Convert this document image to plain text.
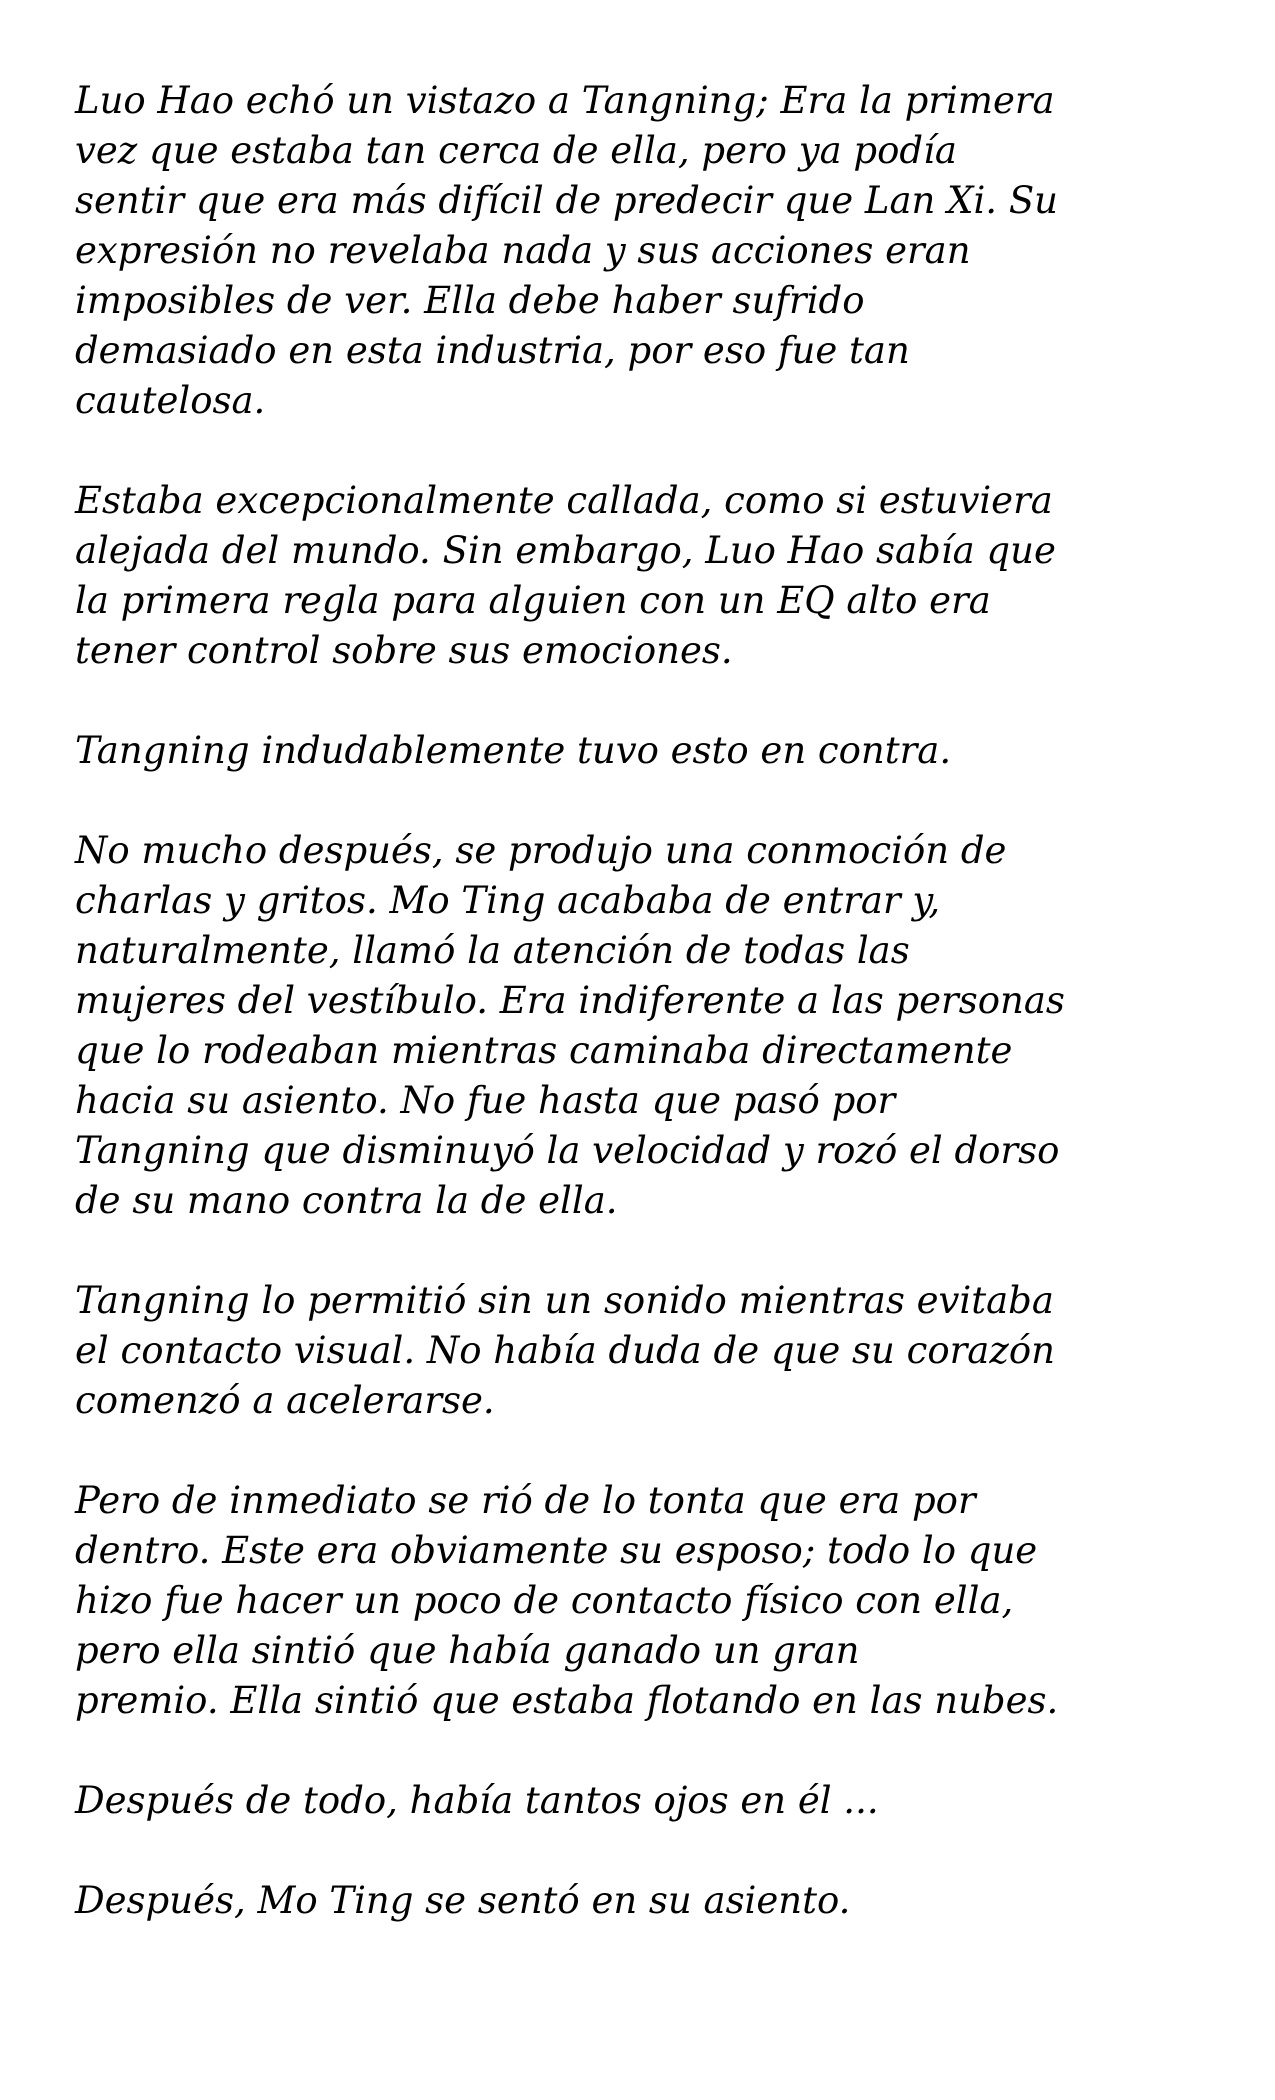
Luo Hao echó un vistazo a Tangning; Era la primera
vez que estaba tan cerca de ella, pero ya podía
sentir que era más difícil de predecir que Lan Xi. Su
expresión no revelaba nada y sus acciones eran
imposibles de ver. Ella debe haber sufrido
demasiado en esta industria, por eso fue tan
cautelosa.

Estaba excepcionalmente callada, como si estuviera
alejada del mundo. Sin embargo, Luo Hao sabía que
la primera regla para alguien con un EQ alto era
tener control sobre sus emociones.

Tangning indudablemente tuvo esto en contra.

No mucho después, se produjo una conmoción de
charlas y gritos. Mo Ting acababa de entrar y,
naturalmente, llamó la atención de todas las
mujeres del vestíbulo. Era indiferente a las personas
que lo rodeaban mientras caminaba directamente
hacia su asiento. No fue hasta que pasó por
Tangning que disminuyó la velocidad y rozó el dorso
de su mano contra la de ella.

Tangning lo permitió sin un sonido mientras evitaba
el contacto visual. No había duda de que su corazón
comenzó a acelerarse.

Pero de inmediato se rió de lo tonta que era por
dentro. Este era obviamente su esposo; todo lo que
hizo fue hacer un poco de contacto físico con ella,
pero ella sintió que había ganado un gran
premio. Ella sintió que estaba flotando en las nubes.

Después de todo, había tantos ojos en él ...

Después, Mo Ting se sentó en su asiento.
